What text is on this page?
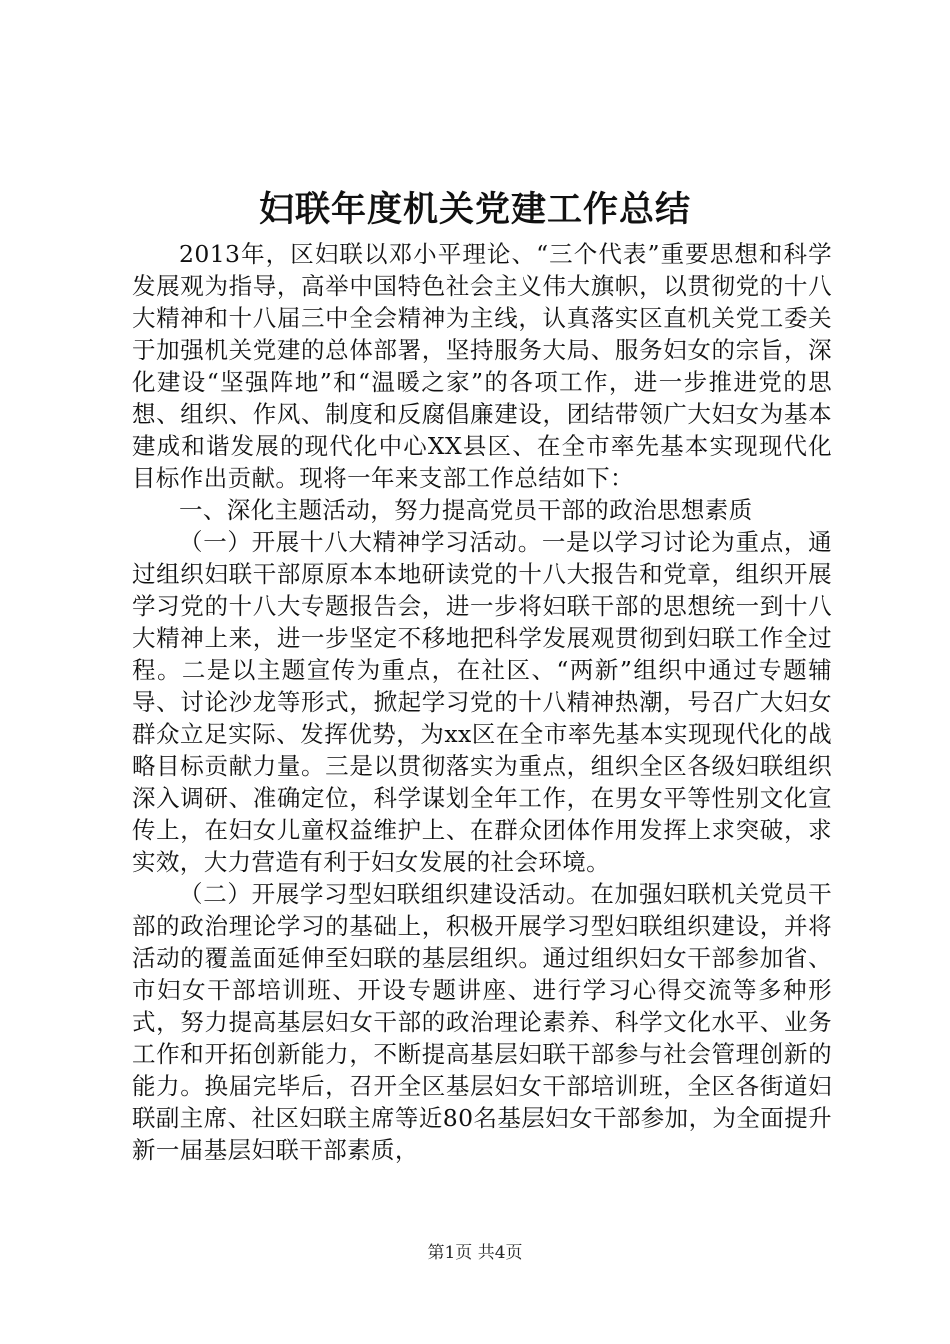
妇联年度机关党建工作总结

2013年，区妇联以邓小平理论、“三个代表”重要思想和科学发展观为指导，高举中国特色社会主义伟大旗帜，以贯彻党的十八大精神和十八届三中全会精神为主线，认真落实区直机关党工委关于加强机关党建的总体部署，坚持服务大局、服务妇女的宗旨，深化建设“坚强阵地”和“温暖之家”的各项工作，进一步推进党的思想、组织、作风、制度和反腐倡廉建设，团结带领广大妇女为基本建成和谐发展的现代化中心XX县区、在全市率先基本实现现代化目标作出贡献。现将一年来支部工作总结如下：

一、深化主题活动，努力提高党员干部的政治思想素质

（一）开展十八大精神学习活动。一是以学习讨论为重点，通过组织妇联干部原原本本地研读党的十八大报告和党章，组织开展学习党的十八大专题报告会，进一步将妇联干部的思想统一到十八大精神上来，进一步坚定不移地把科学发展观贯彻到妇联工作全过程。二是以主题宣传为重点，在社区、“两新”组织中通过专题辅导、讨论沙龙等形式，掀起学习党的十八精神热潮，号召广大妇女群众立足实际、发挥优势，为xx区在全市率先基本实现现代化的战略目标贡献力量。三是以贯彻落实为重点，组织全区各级妇联组织深入调研、准确定位，科学谋划全年工作，在男女平等性别文化宣传上，在妇女儿童权益维护上、在群众团体作用发挥上求突破，求实效，大力营造有利于妇女发展的社会环境。

（二）开展学习型妇联组织建设活动。在加强妇联机关党员干部的政治理论学习的基础上，积极开展学习型妇联组织建设，并将活动的覆盖面延伸至妇联的基层组织。通过组织妇女干部参加省、市妇女干部培训班、开设专题讲座、进行学习心得交流等多种形式，努力提高基层妇女干部的政治理论素养、科学文化水平、业务工作和开拓创新能力，不断提高基层妇联干部参与社会管理创新的能力。换届完毕后，召开全区基层妇女干部培训班，全区各街道妇联副主席、社区妇联主席等近80名基层妇女干部参加，为全面提升新一届基层妇联干部素质，

第1页 共4页
